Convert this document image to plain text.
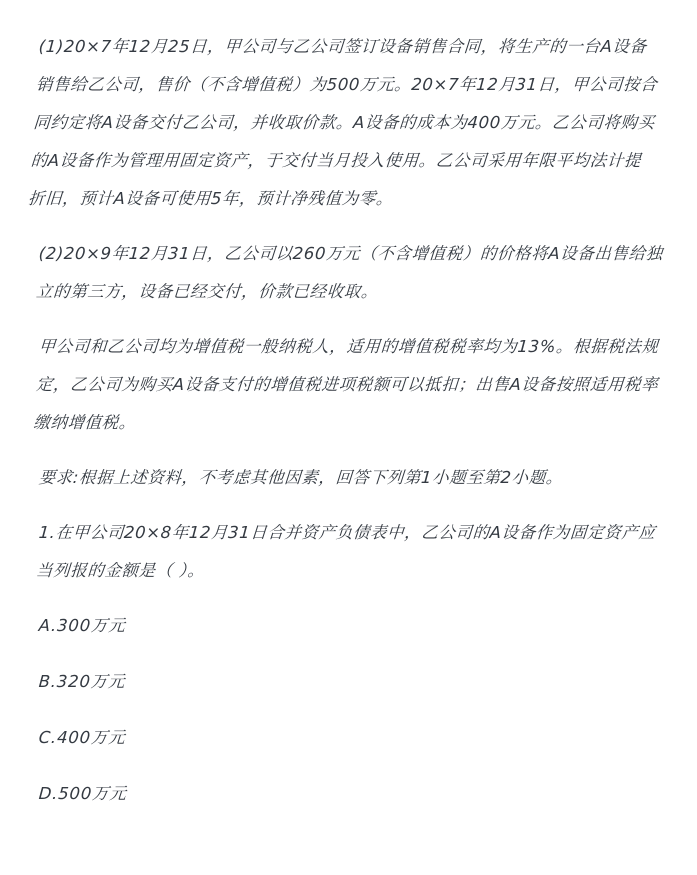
(1)20×7年12月25日，甲公司与乙公司签订设备销售合同，将生产的一台A设备销售给乙公司，售价（不含增值税）为500万元。20×7年12月31日，甲公司按合同约定将A设备交付乙公司，并收取价款。A设备的成本为400万元。乙公司将购买的A设备作为管理用固定资产，于交付当月投入使用。乙公司采用年限平均法计提折旧，预计A设备可使用5年，预计净残值为零。

(2)20×9年12月31日，乙公司以260万元（不含增值税）的价格将A设备出售给独立的第三方，设备已经交付，价款已经收取。

甲公司和乙公司均为增值税一般纳税人，适用的增值税税率均为13%。根据税法规定，乙公司为购买A设备支付的增值税进项税额可以抵扣；出售A设备按照适用税率缴纳增值税。

要求:根据上述资料，不考虑其他因素，回答下列第1小题至第2小题。

1.在甲公司20×8年12月31日合并资产负债表中，乙公司的A设备作为固定资产应当列报的金额是（ ）。

A.300万元

B.320万元

C.400万元

D.500万元
